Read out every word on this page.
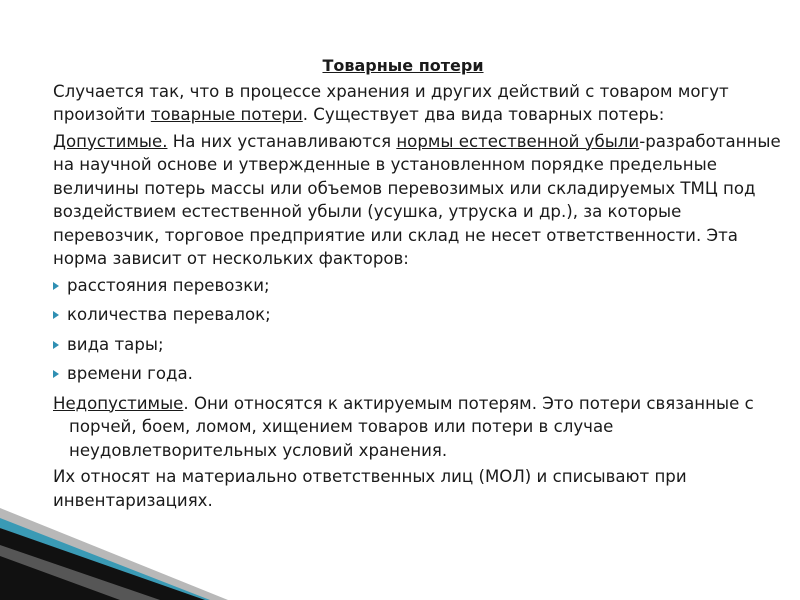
Товарные потери

Случается так, что в процессе хранения и других действий с товаром могут произойти товарные потери. Существует два вида товарных потерь:

Допустимые. На них устанавливаются нормы естественной убыли-разработанные на научной основе и утвержденные в установленном порядке предельные величины потерь массы или объемов перевозимых или складируемых ТМЦ под воздействием естественной убыли (усушка, утруска и др.), за которые перевозчик, торговое предприятие или склад не несет ответственности. Эта норма зависит от нескольких факторов:

расстояния перевозки;
количества перевалок;
вида тары;
времени года.

Недопустимые. Они относятся к актируемым потерям. Это потери связанные с порчей, боем, ломом, хищением товаров или потери в случае неудовлетворительных условий хранения.

Их относят на материально ответственных лиц (МОЛ) и списывают при инвентаризациях.
